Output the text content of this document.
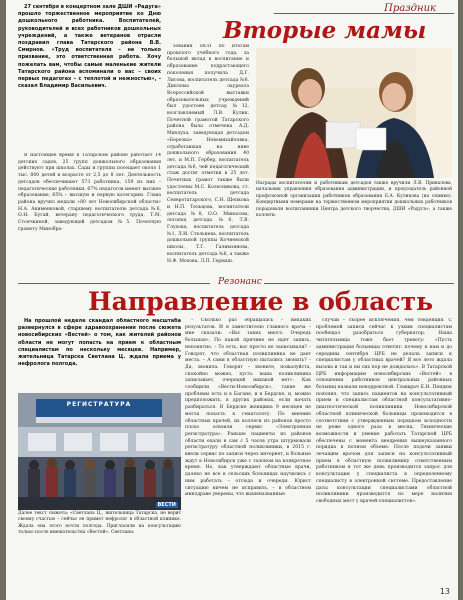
Праздник
Вторые мамы

27 сентября в концертном зале ДШИ «Радуга» прошло торжественное мероприятие ко Дню дошкольного работника. Воспитателей, руководителей и всех работников дошкольных учреждений, а также ветеранов отрасли поздравил глава Татарского района В.В. Смирнов. «Труд воспитателя – не только призвание, это ответственная работа. Хочу пожелать вам, чтобы самые маленькие жители Татарского района вспоминали о вас – своих первых педагогах – с теплотой и нежностью», - сказал Владимир Васильевич.

В настоящее время в Татарском районе работает 14 детских садов, 25 групп дошкольного образования действуют при школах. Сады и группы посещает около 1 тыс. 800 детей в возрасте от 2,5 до 8 лет. Деятельность детсадов обеспечивают 573 работника, 159 из них – педагогические работники, 67% педагогов имеют высшее образование, 65% – высшую и первую категорию. Глава района вручил медали «80 лет Новосибирской области» Н.А. Акименковой, старшему воспитателю детсада №6, О.Н. Бугай, ветерану педагогического труда, Т.М. Стоячкиной, заведующей детсадом №5. Почетную грамоту Минобра-

зования НСО по итогам прошлого учебного года, за большой вклад в воспитание и образование подрастающего поколения получила Д.Г. Лисова, воспитатель детсада №6. Диплома лауреата Всероссийской выставки образовательных учреждений был удостоен детсад №12, возглавляемый Л.В. Кулик. Почетной грамотой Татарского района была отмечена А.Д. Михлуха, заведующая детсадом «Березка» Новомихайловка, отработавшая на ниве дошкольного образования 40 лет, и М.П. Гербер, воспитатель детсада №6, чей педагогический стаж достиг отметки в 25 лет. Почетных грамот также были удостоены М.С. Колесникова, ст. воспитатель детсада Северотатарского, С.Н. Щепкова и Н.П. Тельцова, воспитатели детсада №8, О.О. Минасова, логопед детсада №6, Т.В. Глухова, воспитатель детсада №1, Л.И. Стельнева, воспитатель дошкольной группы Кочневской школы, Т.Г. Галимзянова, воспитатель детсада №6, а также Н.Ф. Мохова, Л.П. Гермаш.

Награды воспитателям и работникам детсадов также вручили Л.В. Привалова, начальник управления образования администрации, и председатель районной профсоюзной организации работников образования Е.А. Куликова (на снимке). Концертными номерами на торжественном мероприятии дошкольных работников порадовали воспитанники Центра детского творчества, ДШИ «Радуга», а также коллеги.
Резонанс
Направление в область

На прошлой неделе скандал областного масштаба развернулся в сфере здравоохранения после сюжета новосибирских «Вестей» о том, как жителей районов области не могут попасть на прием к областным специалистам по нескольку месяцев. Например, жительница Татарска Светлана Ц. ждала приема у нефролога полгода.

РЕГИСТРАТУРА
ВЕСТИ
Далее текст сюжета: «Светлана Ц., жительница Татарска, не верит своему счастью – сейчас ее примет нефролог в областной клинике. Ждала она этого почти полгода. Пригласили на консультацию только после вмешательства «Вестей». Светлана:

– Сколько раз обращалась – никаких результатов. И в заместителю главного врача – мне сказали: «Вас таких много. Очередь большая». По какой причине не идет запись, непонятно. – То есть, вас просто не записывали? – Говорят, что областная поликлиника не дает места. – А сами в областную пытались звонить? – Да, звонила. Говорят – звоните, пожалуйста, спокойно можно, пусть ваша поликлиника записывает, очередей никакой нет». Как сообщили «Вести-Новосибирск», такие же проблемы есть и в Баганe, и в Бердске, и, можно предположить, в других районах, если начать разбираться. В Бердске женщина 9 месяцев не могла попасть к гематологу. По мнению областных врачей, их коллеги из районов просто плохо освоили сервис «Электронная регистратура». Раньше пациенты из районов области ехали в сам с 5 часов утра штурмовали регистратуру областной поликлиники, в 2015 г. ввели сервис по записи через интернет, и больные ждут в Новосибирск уже с талоном на конкретное время. Но, как утверждают областные врачи, далеко не все в сельских больницах научились с ним работать – отсюда и очереди. Юрист ситуацию ничем не исправить, – в областном минздраве уверены, что вышеназванные

случаи – скорее исключения, чем тенденция. С проблемой записи сейчас к узким специалистам пообещал разобраться губернатор. Наша читательница тоже бьет тревогу: «Пусть администрация больницы ответит: почему к нам и до середины сентября ЦРБ не делала записи к специалистам у областных врачей? Я все лето ждала вызова и так и ни сих пор не дождалась». В Татарской ЦРБ информацию новосибирских «Вестей» в отношении работников центральных районных больниц назвали некорректной. Главврач Е.Н. Пендюк пояснил, что запись пациентов на консультативный прием к специалистам областной консультативно-диагностической поликлиники Новосибирской областной клинической больницы производится в соответствии с утвержденным порядком исходности не реже одного раза в месяц. Технические возможности и умение работать Татарской ЦРБ обеспечены с момента внедрения вышеуказанного порядка в полном объеме. После подачи заявки лечащим врачом для записи на консультативный прием в областную поликлинику ответственным работником в тот же день производится запрос для консультации у специалиста к определенному специалисту в электронной системе. Предоставление даты консультации специалистами областной поликлиники производится по мере наличия свободных мест у врачей-специалистов».

13
